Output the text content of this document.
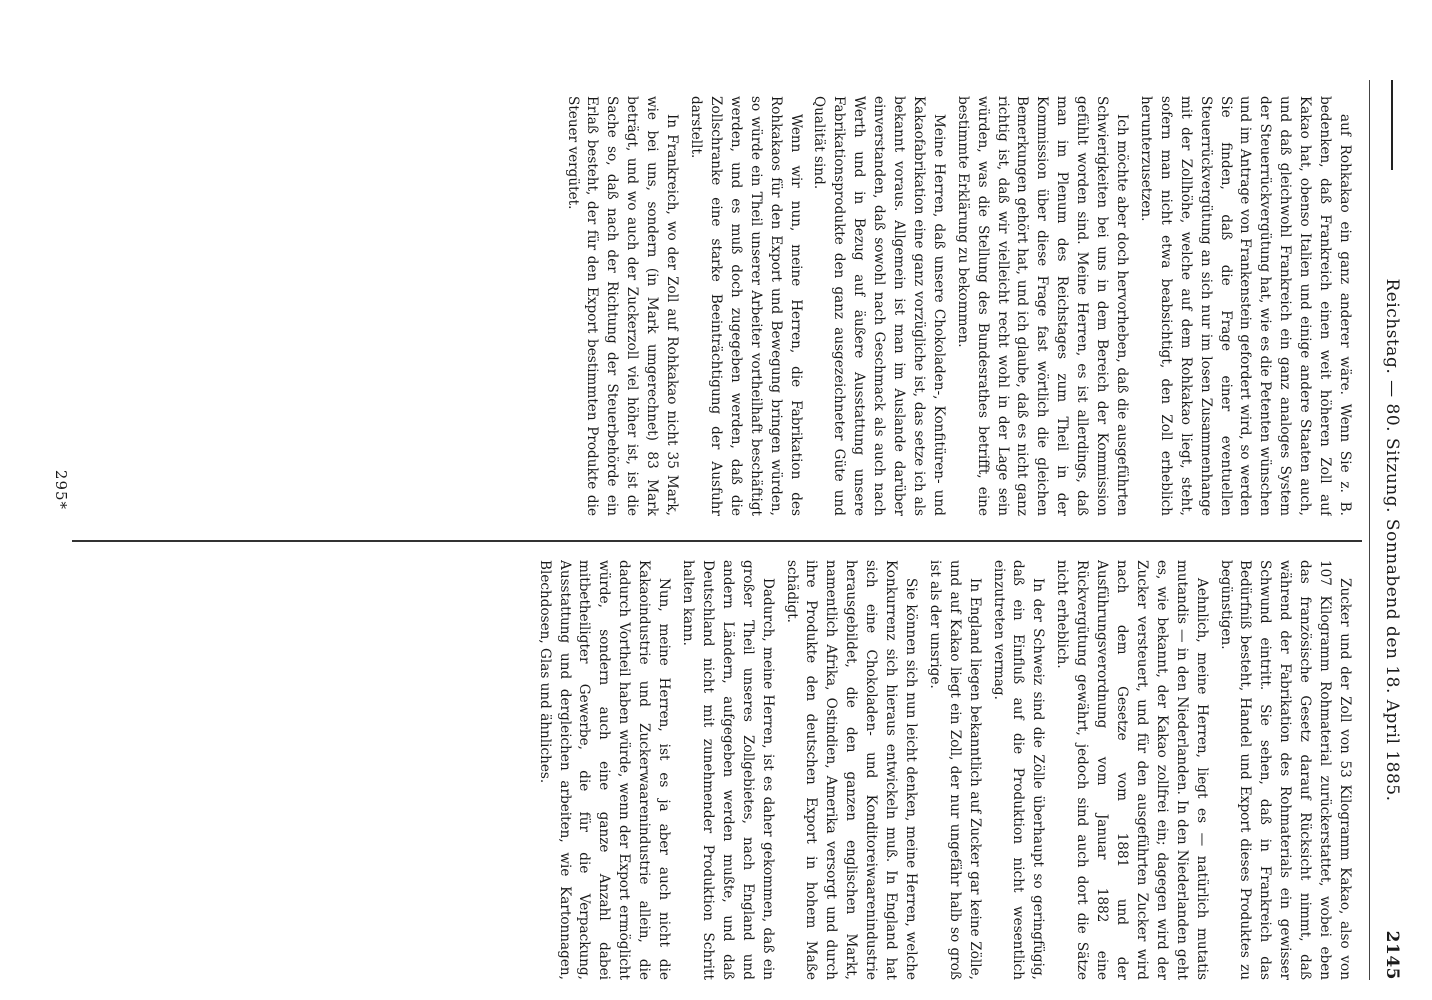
Reichstag. — 80. Sitzung. Sonnabend den 18. April 1885.
2145

auf Rohkakao ein ganz anderer wäre. Wenn Sie z. B. bedenken, daß Frankreich einen weit höheren Zoll auf Kakao hat, obenso Italien und einige andere Staaten auch, und daß gleichwohl Frankreich ein ganz analoges System der Steuerrückvergütung hat, wie es die Petenten wünschen und im Antrage von Frankenstein gefordert wird, so werden Sie finden, daß die Frage einer eventuellen Steuerrückvergütung an sich nur im losen Zusammenhange mit der Zollhöhe, welche auf dem Rohkakao liegt, steht, sofern man nicht etwa beabsichtigt, den Zoll erheblich herunterzusetzen.

Ich möchte aber doch hervorheben, daß die ausgeführten Schwierigkeiten bei uns in dem Bereich der Kommission gefühlt worden sind. Meine Herren, es ist allerdings, daß man im Plenum des Reichstages zum Theil in der Kommission über diese Frage fast wörtlich die gleichen Bemerkungen gehört hat, und ich glaube, daß es nicht ganz richtig ist, daß wir vielleicht recht wohl in der Lage sein würden, was die Stellung des Bundesrathes betrifft, eine bestimmte Erklärung zu bekommen.

Meine Herren, daß unsere Chokoladen-, Konfitüren- und Kakaofabrikation eine ganz vorzügliche ist, das setze ich als bekannt voraus. Allgemein ist man im Auslande darüber einverstanden, daß sowohl nach Geschmack als auch nach Werth und in Bezug auf äußere Ausstattung unsere Fabrikationsprodukte den ganz ausgezeichneter Güte und Qualität sind.

Wenn wir nun, meine Herren, die Fabrikation des Rohkakaos für den Export und Bewegung bringen würden, so würde ein Theil unserer Arbeiter vortheilhaft beschäftigt werden, und es muß doch zugegeben werden, daß die Zollschranke eine starke Beeinträchtigung der Ausfuhr darstellt.

In Frankreich, wo der Zoll auf Rohkakao nicht 35 Mark, wie bei uns, sondern (in Mark umgerechnet) 83 Mark beträgt, und wo auch der Zuckerzoll viel höher ist, ist die Sache so, daß nach der Richtung der Steuerbehörde ein Erlaß besteht, der für den Export bestimmten Produkte die Steuer vergütet.

Zucker und der Zoll von 53 Kilogramm Kakao, also von 107 Kilogramm Rohmaterial zurückerstattet, wobei eben das französische Gesetz darauf Rücksicht nimmt, daß während der Fabrikation des Rohmaterials ein gewisser Schwund eintritt. Sie sehen, daß in Frankreich das Bedürfniß besteht, Handel und Export dieses Produktes zu begünstigen.

Aehnlich, meine Herren, liegt es — natürlich mutatis mutandis — in den Niederlanden. In den Niederlanden geht es, wie bekannt, der Kakao zollfrei ein; dagegen wird der Zucker versteuert, und für den ausgeführten Zucker wird nach dem Gesetze vom 1881 und der Ausführungsverordnung vom Januar 1882 eine Rückvergütung gewährt, jedoch sind auch dort die Sätze nicht erheblich.

In der Schweiz sind die Zölle überhaupt so geringfügig, daß ein Einfluß auf die Produktion nicht wesentlich einzutreten vermag.

In England liegen bekanntlich auf Zucker gar keine Zölle, und auf Kakao liegt ein Zoll, der nur ungefähr halb so groß ist als der unsrige.

Sie können sich nun leicht denken, meine Herren, welche Konkurrenz sich hieraus entwickeln muß. In England hat sich eine Chokoladen- und Konditoreiwaarenindustrie herausgebildet, die den ganzen englischen Markt, namentlich Afrika, Ostindien, Amerika versorgt und durch ihre Produkte den deutschen Export in hohem Maße schädigt.

Dadurch, meine Herren, ist es daher gekommen, daß ein großer Theil unseres Zollgebietes, nach England und andern Ländern, aufgegeben werden mußte, und daß Deutschland nicht mit zunehmender Produktion Schritt halten kann.

Nun, meine Herren, ist es ja aber auch nicht die Kakaoindustrie und Zuckerwaarenindustrie allein, die dadurch Vortheil haben würde, wenn der Export ermöglicht würde, sondern auch eine ganze Anzahl dabei mitbetheiligter Gewerbe, die für die Verpackung, Ausstattung und dergleichen arbeiten, wie Kartonnagen, Blechdosen, Glas und ähnliches.

295*
